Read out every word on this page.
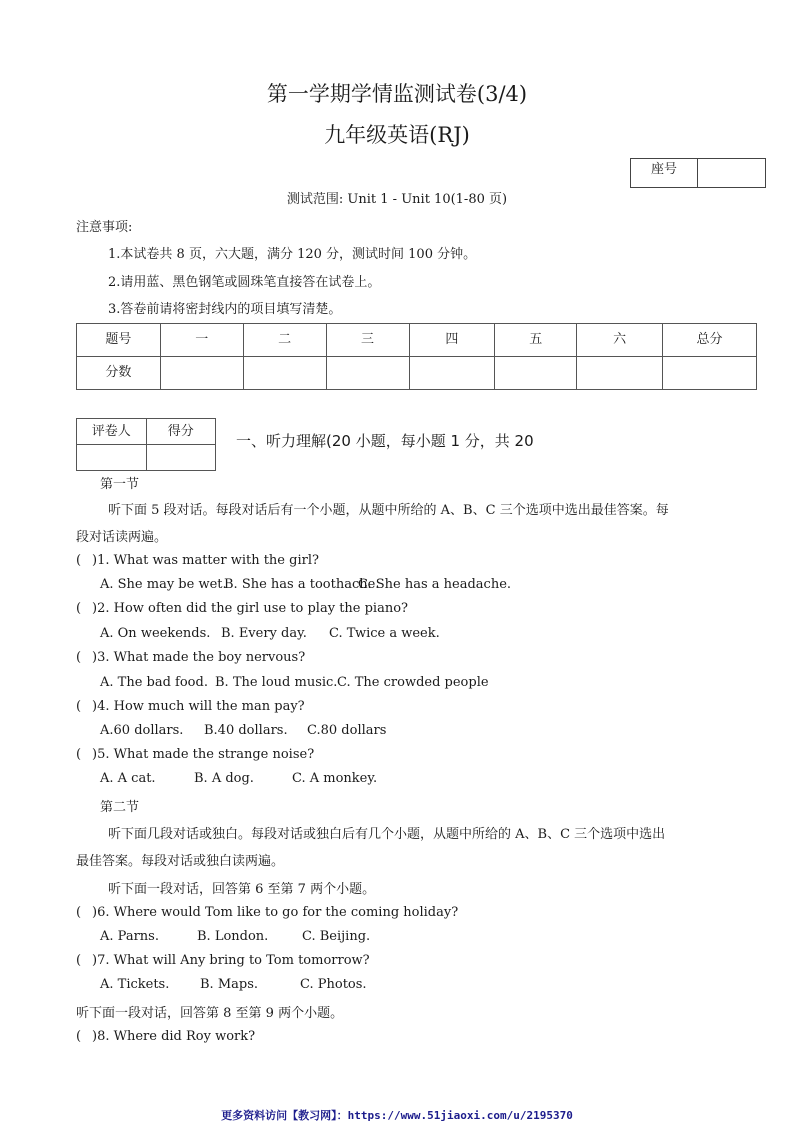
第一学期学情监测试卷(3/4)
九年级英语(RJ)
座号
测试范围: Unit 1 - Unit 10(1-80 页)
注意事项:
1.本试卷共 8 页，六大题，满分 120 分，测试时间 100 分钟。
2.请用蓝、黑色钢笔或圆珠笔直接答在试卷上。
3.答卷前请将密封线内的项目填写清楚。
题号	一	二	三	四	五	六	总分
分数							
评卷人	得分

一、听力理解(20 小题，每小题 1 分，共 20
第一节
听下面 5 段对话。每段对话后有一个小题，从题中所给的 A、B、C 三个选项中选出最佳答案。每
段对话读两遍。
( )1. What was matter with the girl?
A. She may be wet.
B. She has a toothache.
C. She has a headache.
( )2. How often did the girl use to play the piano?
A. On weekends. B. Every day. C. Twice a week.
( )3. What made the boy nervous?
A. The bad food. B. The loud music. C. The crowded people
( )4. How much will the man pay?
A.60 dollars. B.40 dollars. C.80 dollars
( )5. What made the strange noise?
A. A cat.	B. A dog.	C. A monkey.
第二节
听下面几段对话或独白。每段对话或独白后有几个小题，从题中所给的 A、B、C 三个选项中选出
最佳答案。每段对话或独白读两遍。
听下面一段对话，回答第 6 至第 7 两个小题。
( )6. Where would Tom like to go for the coming holiday?
A. Parns.	B. London.	C. Beijing.
( )7. What will Any bring to Tom tomorrow?
A. Tickets. B. Maps.	C. Photos.
听下面一段对话，回答第 8 至第 9 两个小题。
( )8. Where did Roy work?
更多资料访问【教习网】：https://www.51jiaoxi.com/u/2195370
